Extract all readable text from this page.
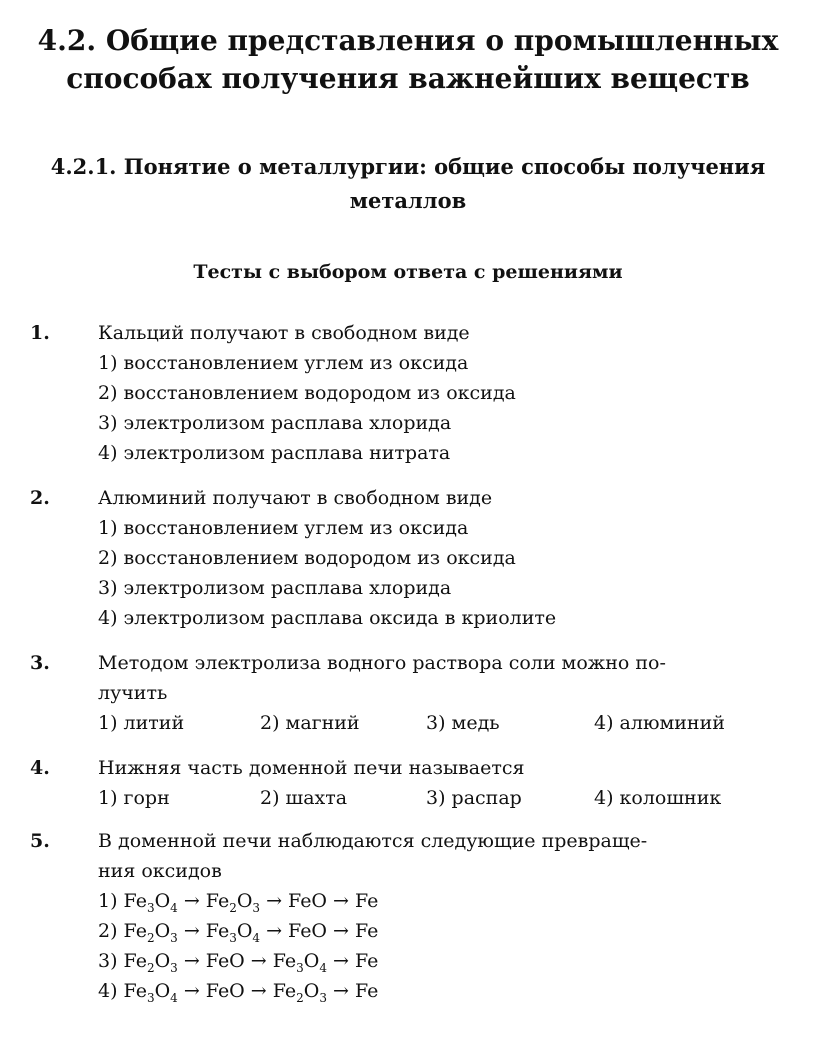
4.2. Общие представления о промышленных способах получения важнейших веществ
4.2.1. Понятие о металлургии: общие способы получения металлов
Тесты с выбором ответа с решениями
1.	Кальций получают в свободном виде
1) восстановлением углем из оксида
2) восстановлением водородом из оксида
3) электролизом расплава хлорида
4) электролизом расплава нитрата
2.	Алюминий получают в свободном виде
1) восстановлением углем из оксида
2) восстановлением водородом из оксида
3) электролизом расплава хлорида
4) электролизом расплава оксида в криолите
3.	Методом электролиза водного раствора соли можно по-
лучить
1) литий	2) магний	3) медь	4) алюминий
4.	Нижняя часть доменной печи называется
1) горн	2) шахта	3) распар	4) колошник
5.	В доменной печи наблюдаются следующие превраще-
ния оксидов
1) $Fe_3O_4 \to Fe_2O_3$ → FeO → Fe
2) $Fe_2O_3 \to Fe_3O_4$ → FeO → Fe
3) $Fe_2O_3$ → FeO → $Fe_3O_4 \to Fe$
4) $Fe_3O_4$ → FeO → $Fe_2O_3 \to Fe$
